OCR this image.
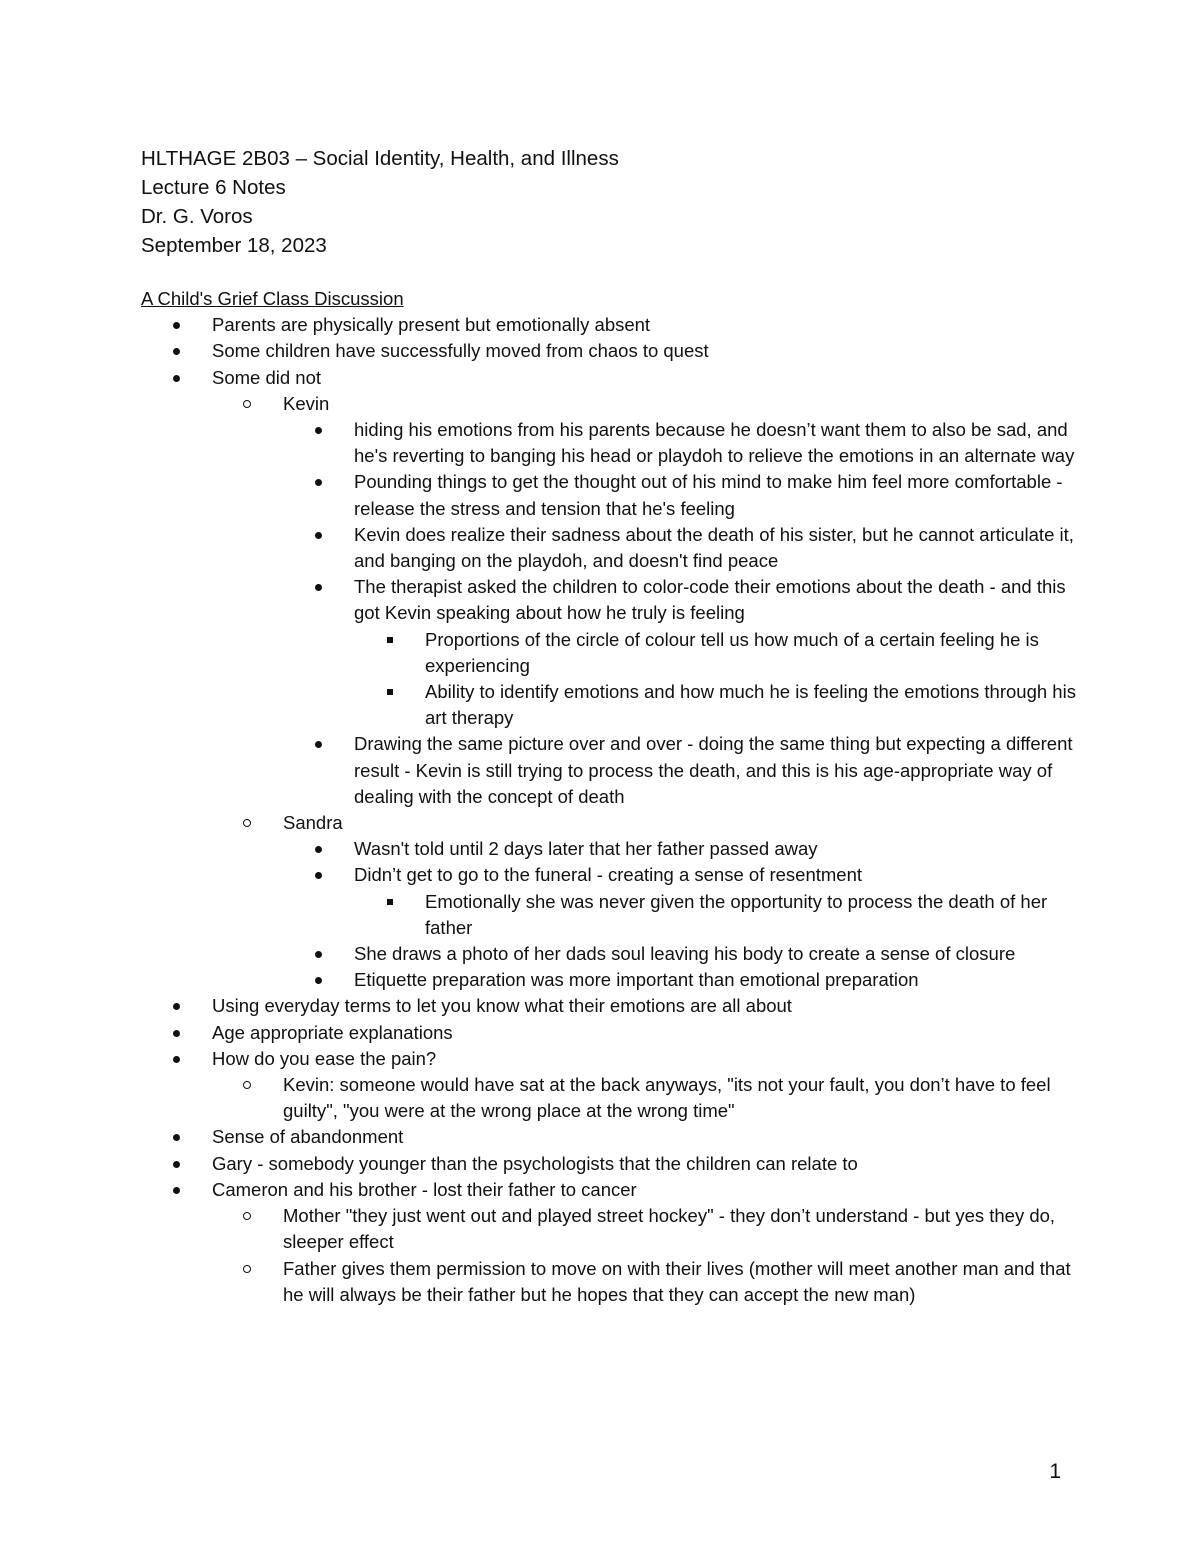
HLTHAGE 2B03 – Social Identity, Health, and Illness
Lecture 6 Notes
Dr. G. Voros
September 18, 2023
A Child's Grief Class Discussion
Parents are physically present but emotionally absent
Some children have successfully moved from chaos to quest
Some did not
Kevin
hiding his emotions from his parents because he doesn’t want them to also be sad, and he's reverting to banging his head or playdoh to relieve the emotions in an alternate way
Pounding things to get the thought out of his mind to make him feel more comfortable - release the stress and tension that he's feeling
Kevin does realize their sadness about the death of his sister, but he cannot articulate it, and banging on the playdoh, and doesn't find peace
The therapist asked the children to color-code their emotions about the death - and this got Kevin speaking about how he truly is feeling
Proportions of the circle of colour tell us how much of a certain feeling he is experiencing
Ability to identify emotions and how much he is feeling the emotions through his art therapy
Drawing the same picture over and over - doing the same thing but expecting a different result - Kevin is still trying to process the death, and this is his age-appropriate way of dealing with the concept of death
Sandra
Wasn't told until 2 days later that her father passed away
Didn’t get to go to the funeral - creating a sense of resentment
Emotionally she was never given the opportunity to process the death of her father
She draws a photo of her dads soul leaving his body to create a sense of closure
Etiquette preparation was more important than emotional preparation
Using everyday terms to let you know what their emotions are all about
Age appropriate explanations
How do you ease the pain?
Kevin: someone would have sat at the back anyways, "its not your fault, you don’t have to feel guilty", "you were at the wrong place at the wrong time"
Sense of abandonment
Gary - somebody younger than the psychologists that the children can relate to
Cameron and his brother - lost their father to cancer
Mother "they just went out and played street hockey" - they don’t understand - but yes they do, sleeper effect
Father gives them permission to move on with their lives (mother will meet another man and that he will always be their father but he hopes that they can accept the new man)
1
